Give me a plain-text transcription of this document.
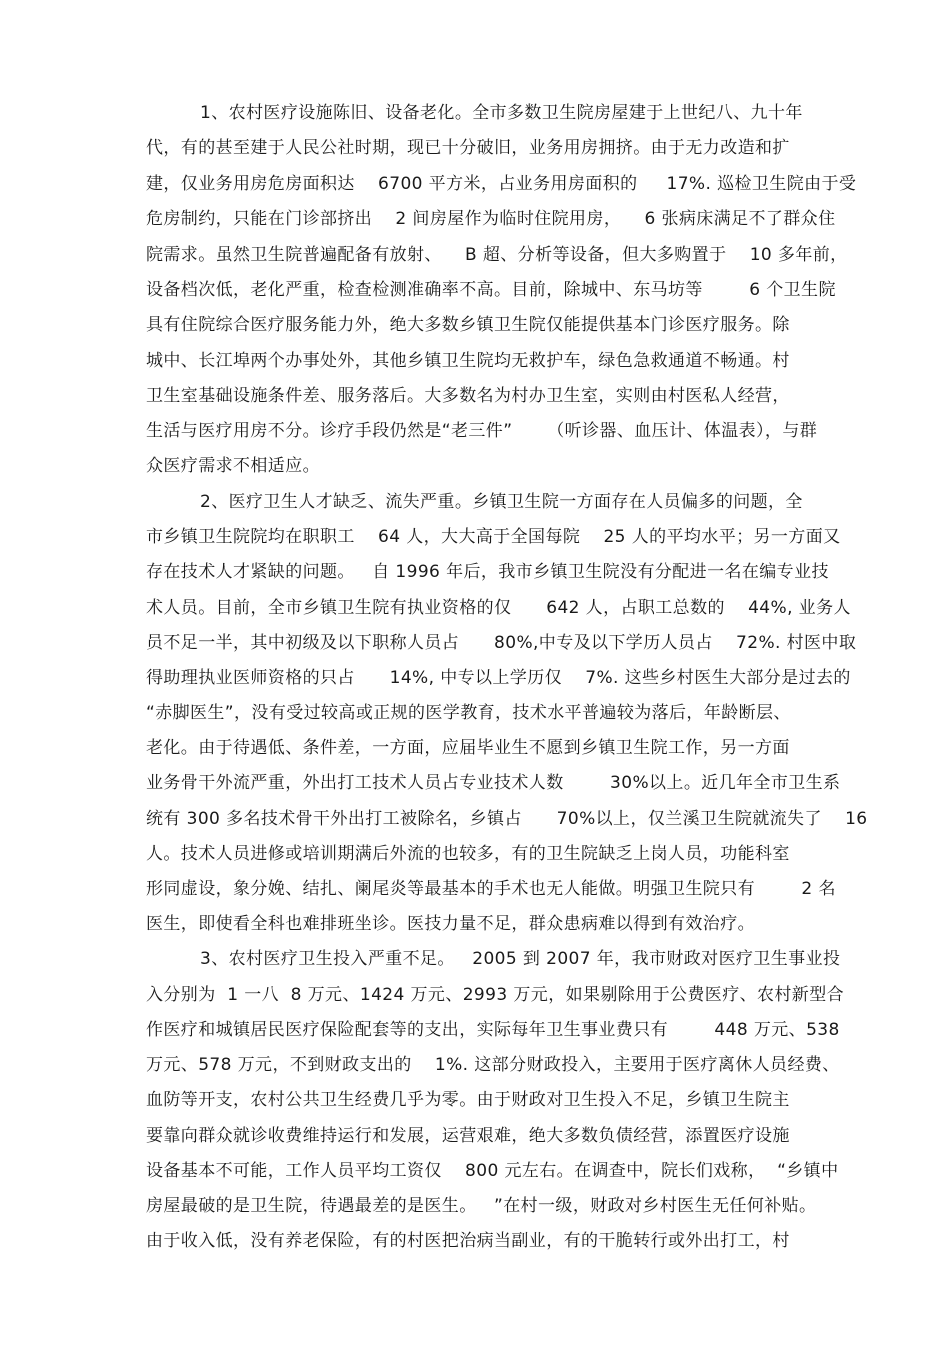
1、农村医疗设施陈旧、设备老化。全市多数卫生院房屋建于上世纪八、九十年
代，有的甚至建于人民公社时期，现已十分破旧，业务用房拥挤。由于无力改造和扩
建，仅业务用房危房面积达    6700 平方米，占业务用房面积的     17%. 巡检卫生院由于受
危房制约，只能在门诊部挤出    2 间房屋作为临时住院用房，    6 张病床满足不了群众住
院需求。虽然卫生院普遍配备有放射、    B 超、分析等设备，但大多购置于    10 多年前，
设备档次低，老化严重，检查检测准确率不高。目前，除城中、东马坊等        6 个卫生院
具有住院综合医疗服务能力外，绝大多数乡镇卫生院仅能提供基本门诊医疗服务。除
城中、长江埠两个办事处外，其他乡镇卫生院均无救护车，绿色急救通道不畅通。村
卫生室基础设施条件差、服务落后。大多数名为村办卫生室，实则由村医私人经营，
生活与医疗用房不分。诊疗手段仍然是“老三件”      （听诊器、血压计、体温表），与群
众医疗需求不相适应。
2、医疗卫生人才缺乏、流失严重。乡镇卫生院一方面存在人员偏多的问题，全
市乡镇卫生院院均在职职工    64 人，大大高于全国每院    25 人的平均水平；另一方面又
存在技术人才紧缺的问题。   自 1996 年后，我市乡镇卫生院没有分配进一名在编专业技
术人员。目前，全市乡镇卫生院有执业资格的仅      642 人，占职工总数的    44%, 业务人
员不足一半，其中初级及以下职称人员占      80%,中专及以下学历人员占    72%. 村医中取
得助理执业医师资格的只占      14%, 中专以上学历仅    7%. 这些乡村医生大部分是过去的
“赤脚医生”，没有受过较高或正规的医学教育，技术水平普遍较为落后，年龄断层、
老化。由于待遇低、条件差，一方面，应届毕业生不愿到乡镇卫生院工作，另一方面
业务骨干外流严重，外出打工技术人员占专业技术人数        30%以上。近几年全市卫生系
统有 300 多名技术骨干外出打工被除名，乡镇占      70%以上，仅兰溪卫生院就流失了    16
人。技术人员进修或培训期满后外流的也较多，有的卫生院缺乏上岗人员，功能科室
形同虚设，象分娩、结扎、阑尾炎等最基本的手术也无人能做。明强卫生院只有        2 名
医生，即使看全科也难排班坐诊。医技力量不足，群众患病难以得到有效治疗。
3、农村医疗卫生投入严重不足。   2005 到 2007 年，我市财政对医疗卫生事业投
入分别为  1 一八  8 万元、1424 万元、2993 万元，如果剔除用于公费医疗、农村新型合
作医疗和城镇居民医疗保险配套等的支出，实际每年卫生事业费只有        448 万元、538
万元、578 万元，不到财政支出的    1%. 这部分财政投入，主要用于医疗离休人员经费、
血防等开支，农村公共卫生经费几乎为零。由于财政对卫生投入不足，乡镇卫生院主
要靠向群众就诊收费维持运行和发展，运营艰难，绝大多数负债经营，添置医疗设施
设备基本不可能，工作人员平均工资仅    800 元左右。在调查中，院长们戏称，  “乡镇中
房屋最破的是卫生院，待遇最差的是医生。   ”在村一级，财政对乡村医生无任何补贴。
由于收入低，没有养老保险，有的村医把治病当副业，有的干脆转行或外出打工，村
